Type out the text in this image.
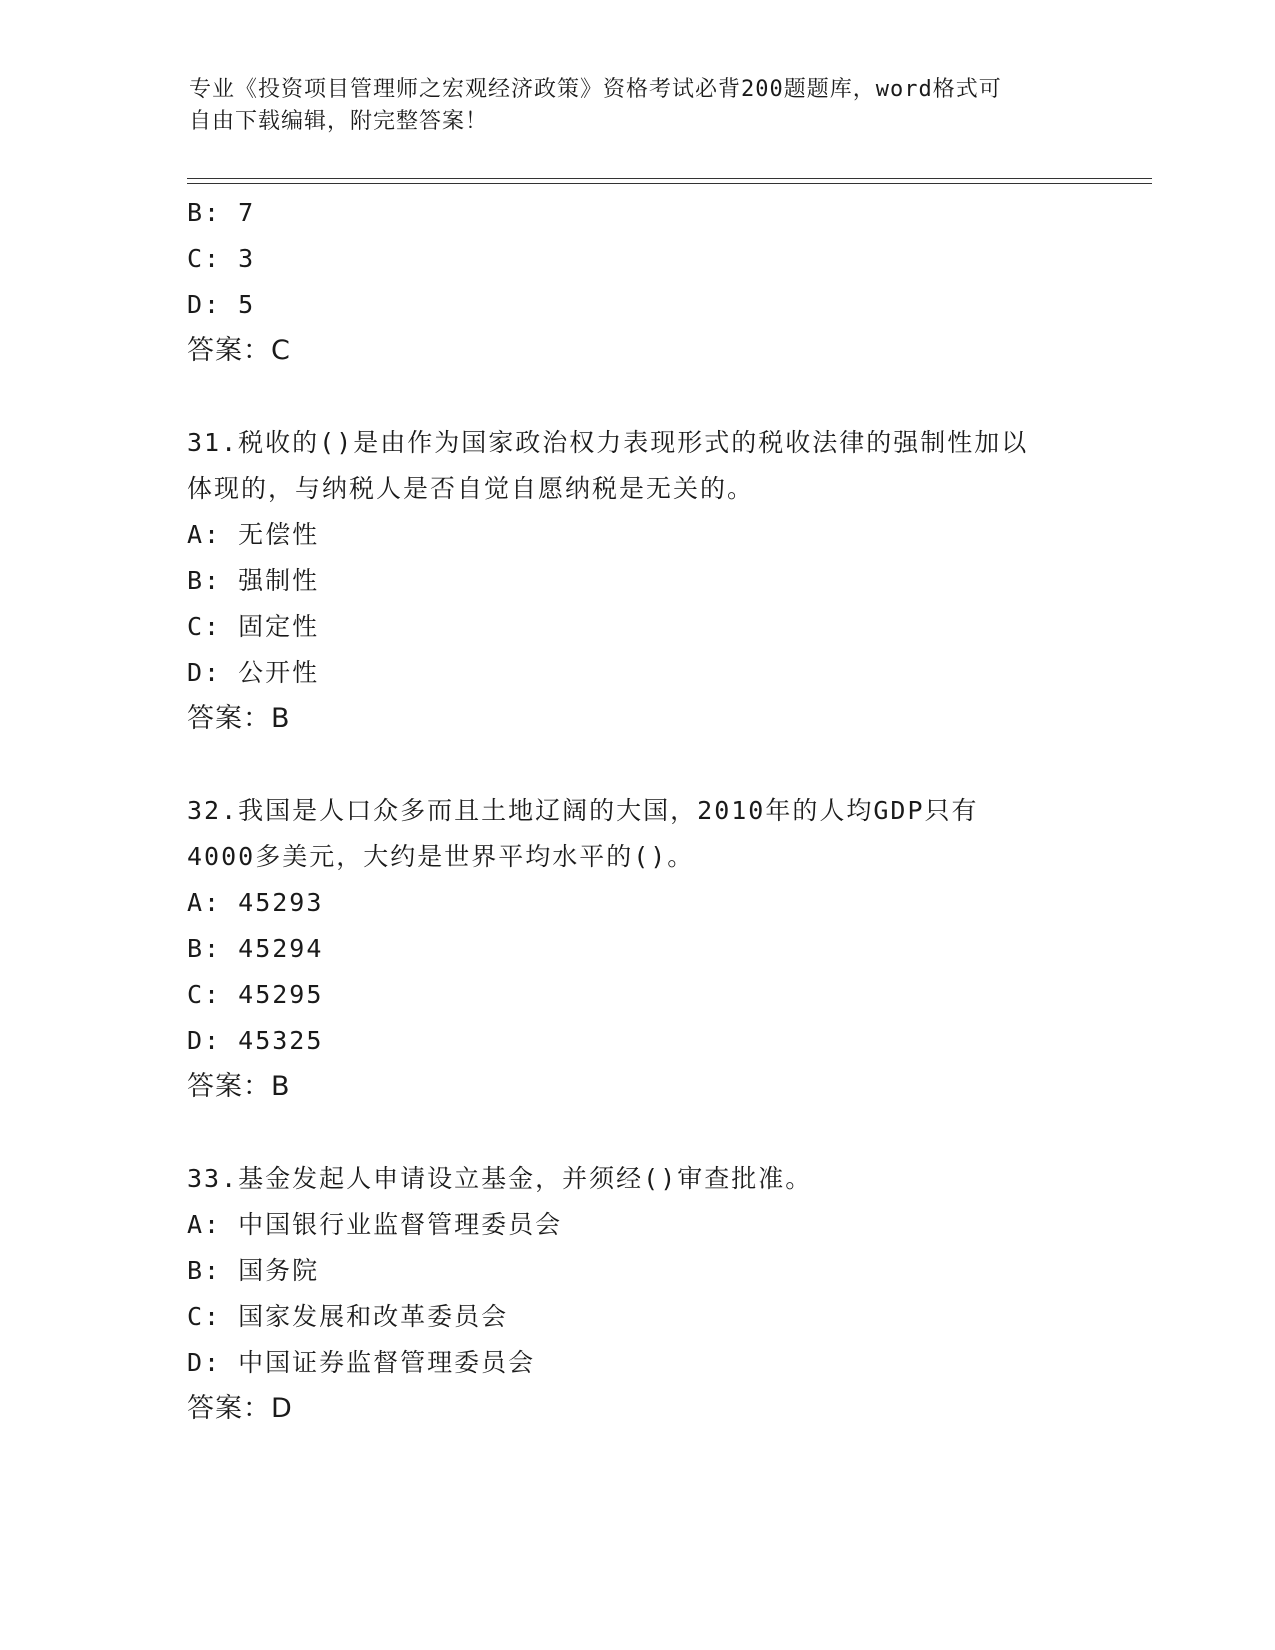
专业《投资项目管理师之宏观经济政策》资格考试必背200题题库，word格式可
自由下载编辑，附完整答案！
B: 7
C: 3
D: 5
答案：C
31.税收的()是由作为国家政治权力表现形式的税收法律的强制性加以
体现的，与纳税人是否自觉自愿纳税是无关的。
A: 无偿性
B: 强制性
C: 固定性
D: 公开性
答案：B
32.我国是人口众多而且土地辽阔的大国，2010年的人均GDP只有
4000多美元，大约是世界平均水平的()。
A: 45293
B: 45294
C: 45295
D: 45325
答案：B
33.基金发起人申请设立基金，并须经()审查批准。
A: 中国银行业监督管理委员会
B: 国务院
C: 国家发展和改革委员会
D: 中国证券监督管理委员会
答案：D
